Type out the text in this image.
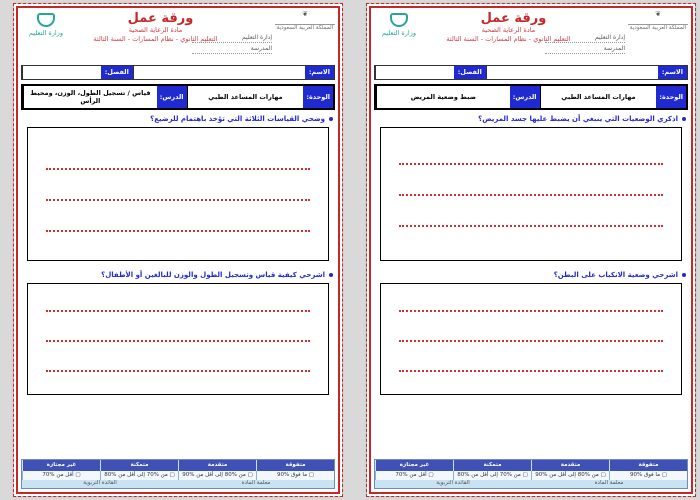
❦
المملكة العربية السعودية
إدارة التعليم
المدرسة
ورقة عمل
مادة الرعاية الصحية
التعليم الثانوي - نظام المسارات - السنة الثالثة
وزارة التعليم
الاسم:
الفصل:
الوحدة:
مهارات المساعد الطبي
الدرس:
ضبط وضعية المريض
اذكري الوضعيات التي ينبغي أن يضبط عليها جسد المريض؟
اشرحي وضعية الانكباب على البطن؟
متفوقة
متقدمة
متمكنة
غير مجتازة
▢ ما فوق %90
▢ من %80 إلى أقل من %90
▢ من %70 إلى أقل من %80
▢ أقل من %70
معلمة المادة
القائدة التربوية
❦
المملكة العربية السعودية
إدارة التعليم
المدرسة
ورقة عمل
مادة الرعاية الصحية
التعليم الثانوي - نظام المسارات - السنة الثالثة
وزارة التعليم
الاسم:
الفصل:
الوحدة:
مهارات المساعد الطبي
الدرس:
قياس / تسجيل الطول، الوزن، ومحيط الرأس
وضحي القياسات الثلاثة التي تؤخذ باهتمام للرضيع؟
اشرحي كيفية قياس وتسجيل الطول والوزن للبالغين أو الأطفال؟
متفوقة
متقدمة
متمكنة
غير مجتازة
▢ ما فوق %90
▢ من %80 إلى أقل من %90
▢ من %70 إلى أقل من %80
▢ أقل من %70
معلمة المادة
القائدة التربوية
